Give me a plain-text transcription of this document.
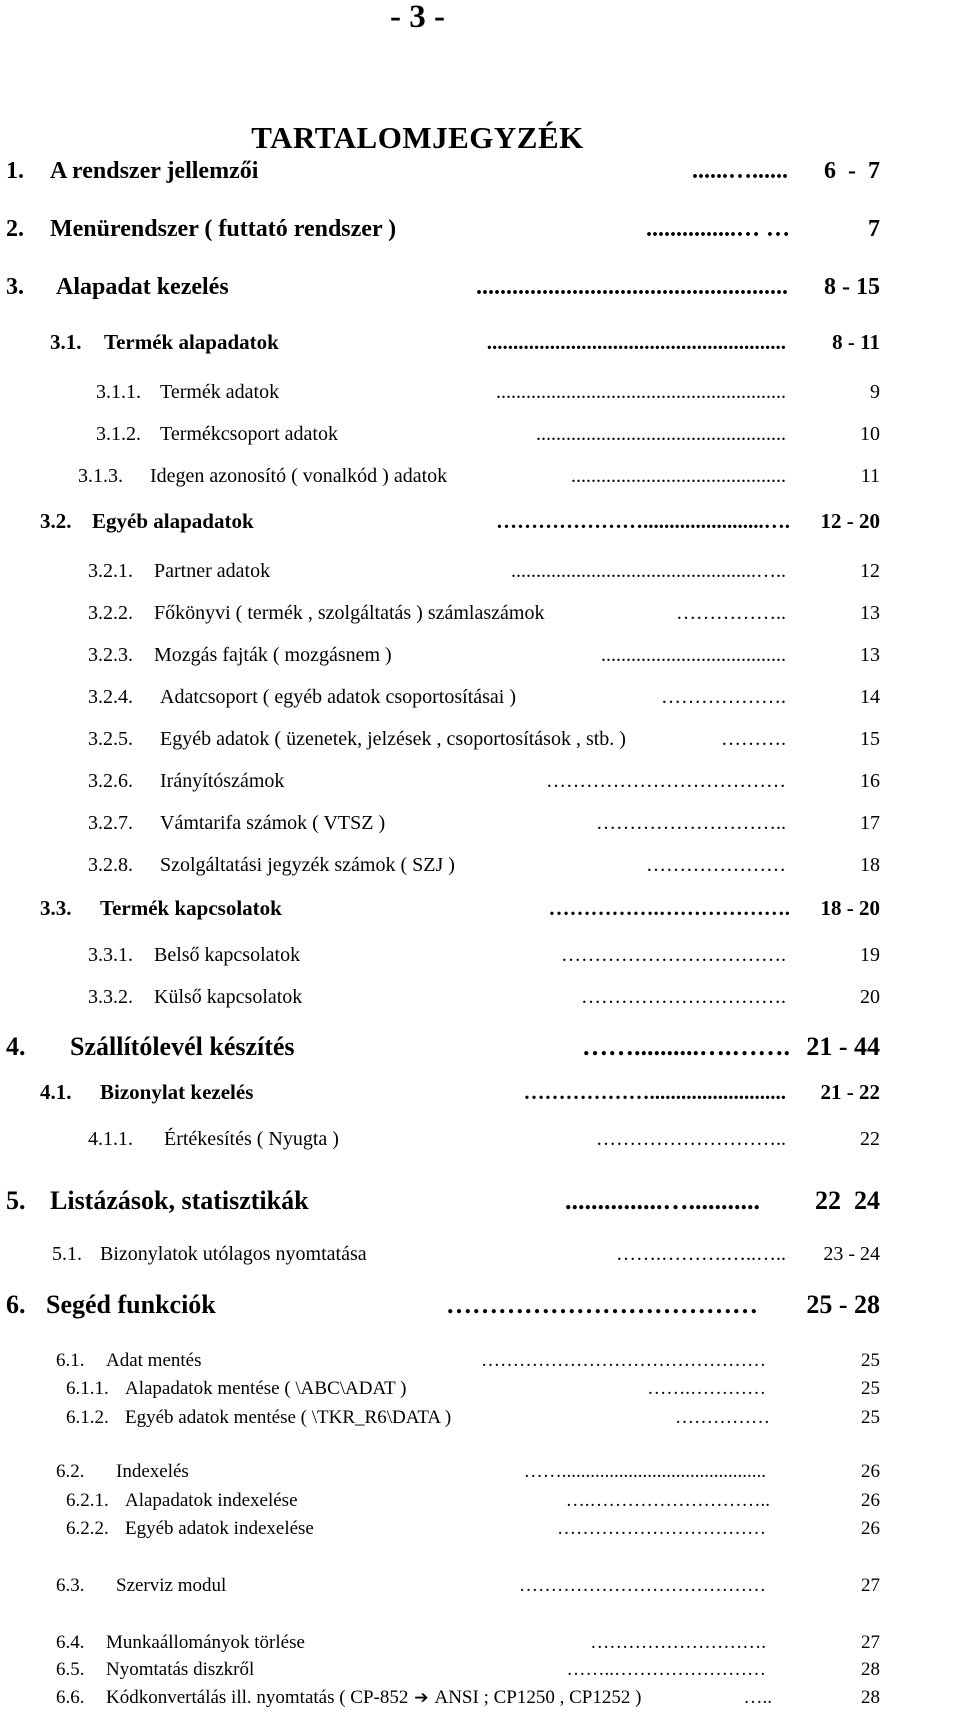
- 3 -
TARTALOMJEGYZÉK
1. A rendszer jellemzői	......…...... 6  -  7
2. Menürendszer ( futtató rendszer )	...............… …	7
3. Alapadat kezelés	.................................................... 8 - 15
3.1. Termék alapadatok	......................................................... 8 - 11
3.1.1. Termék adatok	..........................................................	9
3.1.2. Termékcsoport adatok	..................................................	10
3.1.3. Idegen azonosító ( vonalkód ) adatok	...........................................	11
3.2. Egyéb alapadatok	………………….......................…. 12 - 20
3.2.1. Partner adatok	.................................................…..	12
3.2.2. Főkönyvi ( termék , szolgáltatás ) számlaszámok	……………..	13
3.2.3. Mozgás fajták ( mozgásnem )	.....................................	13
3.2.4. Adatcsoport ( egyéb adatok csoportosításai )	……………….	14
3.2.5. Egyéb adatok ( üzenetek, jelzések , csoportosítások , stb. )	……….	15
3.2.6. Irányítószámok	………………………………	16
3.2.7. Vámtarifa számok ( VTSZ )	………………………..	17
3.2.8. Szolgáltatási jegyzék számok ( SZJ )	…………………	18
3.3. Termék kapcsolatok	…………….………………. 18 - 20
3.3.1. Belső kapcsolatok	…………………………….	19
3.3.2. Külső kapcsolatok	………………………….	20
4. Szállítólevél készítés	……..........….……. 21 - 44
4.1. Bizonylat kezelés	……………….......................... 21 - 22
4.1.1. Értékesítés ( Nyugta )	………………………..	22
5. Listázások, statisztikák	...............…........... 22  24
5.1. Bizonylatok utólagos nyomtatása	…….……….…..….. 23 - 24
6. Segéd funkciók	……………………………… 25 - 28
6.1. Adat mentés	………………………………………	25
6.1.1. Alapadatok mentése ( \ABC\ADAT )	…….…………	25
6.1.2. Egyéb adatok mentése ( \TKR_R6\DATA )	……………	25
6.2. Indexelés	……...........................................	26
6.2.1. Alapadatok indexelése	….………………………..	26
6.2.2. Egyéb adatok indexelése	……………………………	26
6.3. Szerviz modul	…………………………………	27
6.4. Munkaállományok törlése	……………………….	27
6.5. Nyomtatás diszkről	……..……………………	28
6.6. Kódkonvertálás ill. nyomtatás ( CP-852 ➔ ANSI ; CP1250 , CP1252 )	…..	28
